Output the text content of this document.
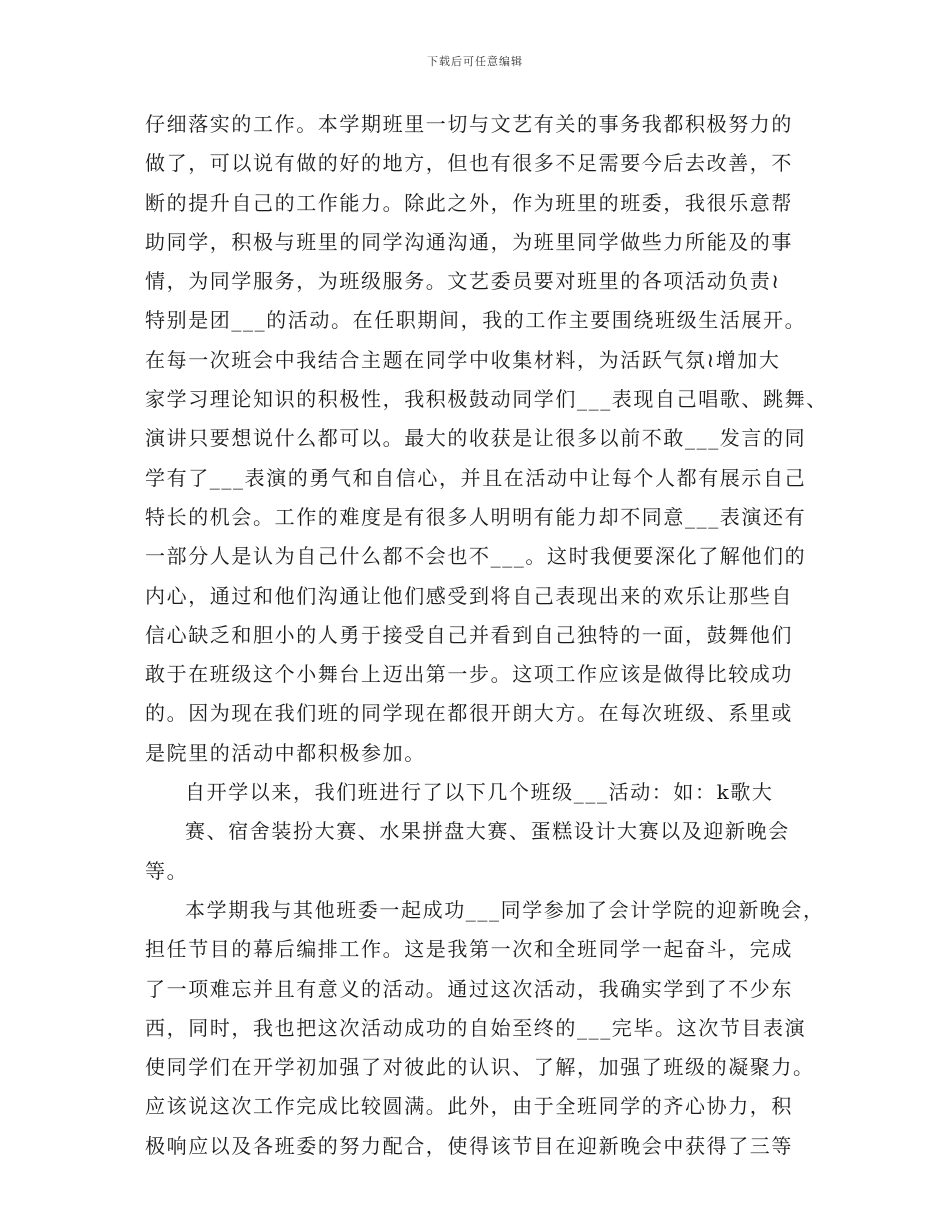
下载后可任意编辑
仔细落实的工作。本学期班里一切与文艺有关的事务我都积极努力的
做了，可以说有做的好的地方，但也有很多不足需要今后去改善，不
断的提升自己的工作能力。除此之外，作为班里的班委，我很乐意帮
助同学，积极与班里的同学沟通沟通，为班里同学做些力所能及的事
情，为同学服务，为班级服务。文艺委员要对班里的各项活动负责≀
特别是团___的活动。在任职期间，我的工作主要围绕班级生活展开。
在每一次班会中我结合主题在同学中收集材料，为活跃气氛≀增加大
家学习理论知识的积极性，我积极鼓动同学们___表现自己唱歌、跳舞、
演讲只要想说什么都可以。最大的收获是让很多以前不敢___发言的同
学有了___表演的勇气和自信心，并且在活动中让每个人都有展示自己
特长的机会。工作的难度是有很多人明明有能力却不同意___表演还有
一部分人是认为自己什么都不会也不___。这时我便要深化了解他们的
内心，通过和他们沟通让他们感受到将自己表现出来的欢乐让那些自
信心缺乏和胆小的人勇于接受自己并看到自己独特的一面，鼓舞他们
敢于在班级这个小舞台上迈出第一步。这项工作应该是做得比较成功
的。因为现在我们班的同学现在都很开朗大方。在每次班级、系里或
是院里的活动中都积极参加。
自开学以来，我们班进行了以下几个班级___活动：如：k歌大
赛、宿舍装扮大赛、水果拼盘大赛、蛋糕设计大赛以及迎新晚会
等。
本学期我与其他班委一起成功___同学参加了会计学院的迎新晚会，
担任节目的幕后编排工作。这是我第一次和全班同学一起奋斗，完成
了一项难忘并且有意义的活动。通过这次活动，我确实学到了不少东
西，同时，我也把这次活动成功的自始至终的___完毕。这次节目表演
使同学们在开学初加强了对彼此的认识、了解，加强了班级的凝聚力。
应该说这次工作完成比较圆满。此外，由于全班同学的齐心协力，积
极响应以及各班委的努力配合，使得该节目在迎新晚会中获得了三等
